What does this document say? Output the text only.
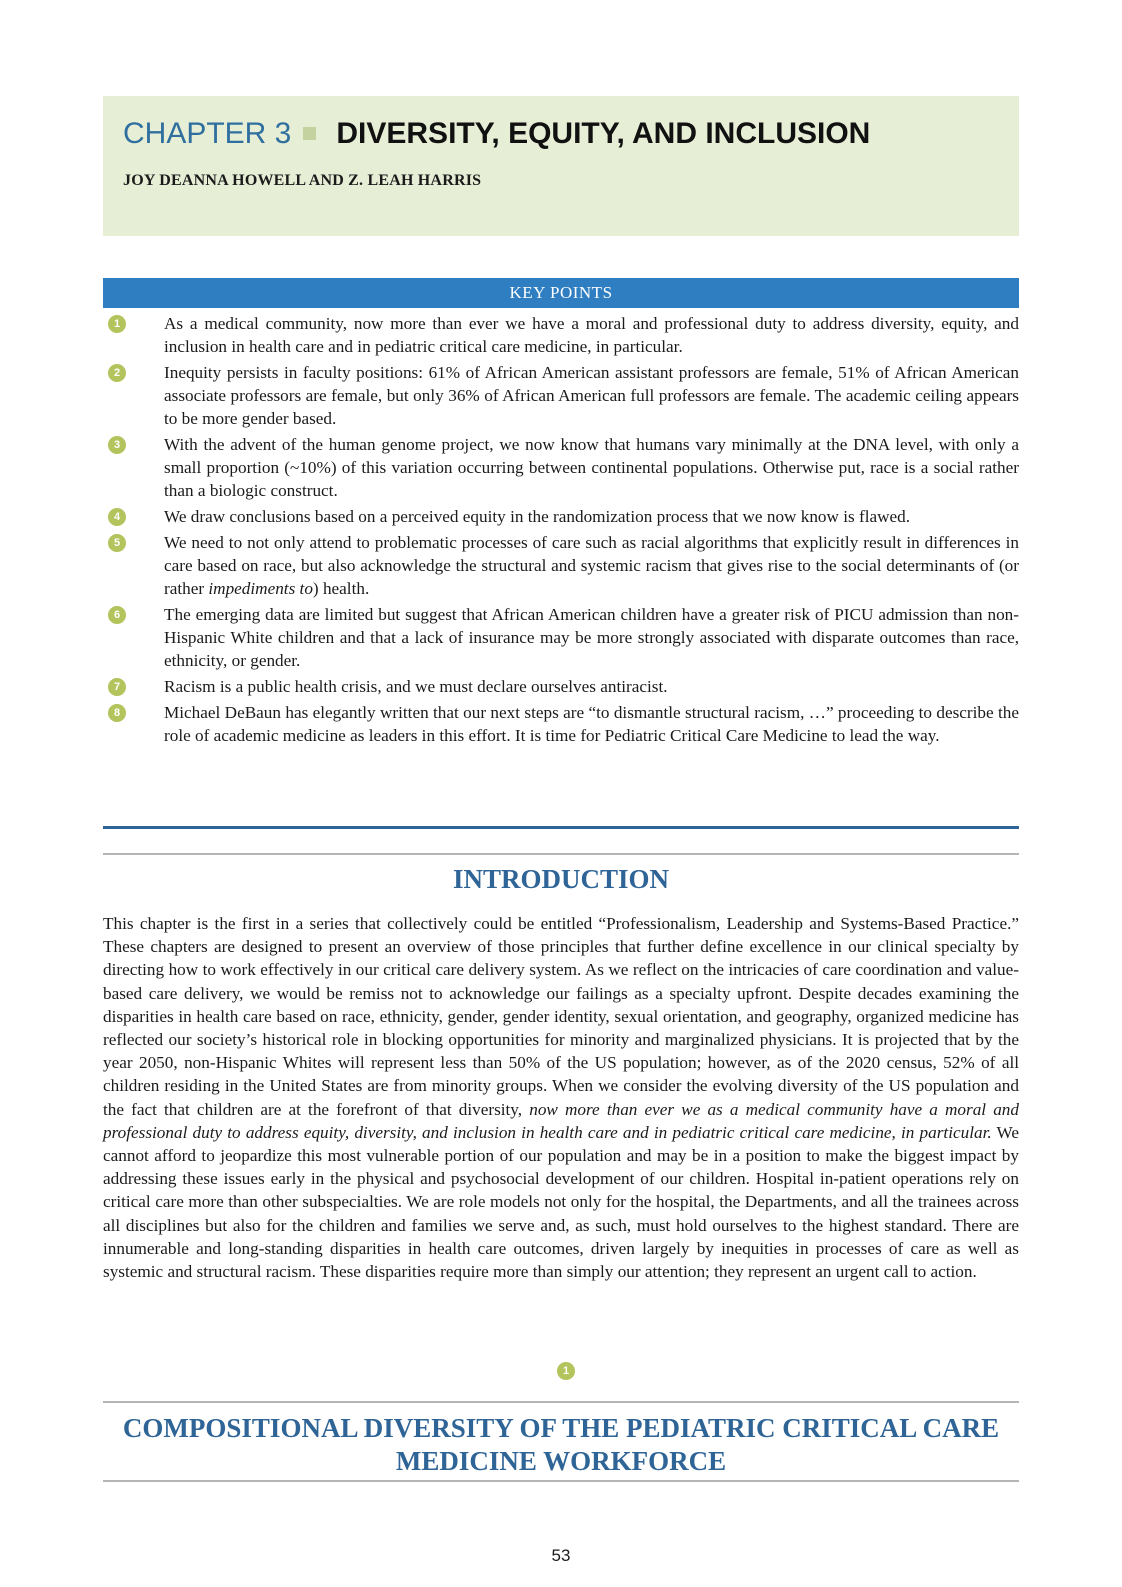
CHAPTER 3 DIVERSITY, EQUITY, AND INCLUSION
JOY DEANNA HOWELL AND Z. LEAH HARRIS
KEY POINTS
1	As a medical community, now more than ever we have a moral and professional duty to address diversity, equity, and inclusion in health care and in pediatric critical care medicine, in particular.
2	Inequity persists in faculty positions: 61% of African American assistant professors are female, 51% of African American associate professors are female, but only 36% of African American full professors are female. The academic ceiling appears to be more gender based.
3	With the advent of the human genome project, we now know that humans vary minimally at the DNA level, with only a small proportion (~10%) of this variation occurring between continental populations. Otherwise put, race is a social rather than a biologic construct.
4	We draw conclusions based on a perceived equity in the randomization process that we now know is flawed.
5	We need to not only attend to problematic processes of care such as racial algorithms that explicitly result in differences in care based on race, but also acknowledge the structural and systemic racism that gives rise to the social determinants of (or rather impediments to) health.
6	The emerging data are limited but suggest that African American children have a greater risk of PICU admission than non-Hispanic White children and that a lack of insurance may be more strongly associated with disparate outcomes than race, ethnicity, or gender.
7	Racism is a public health crisis, and we must declare ourselves antiracist.
8	Michael DeBaun has elegantly written that our next steps are “to dismantle structural racism, …” proceeding to describe the role of academic medicine as leaders in this effort. It is time for Pediatric Critical Care Medicine to lead the way.
INTRODUCTION
This chapter is the first in a series that collectively could be entitled “Professionalism, Leadership and Systems-Based Practice.” These chapters are designed to present an overview of those principles that further define excellence in our clinical specialty by directing how to work effectively in our critical care delivery system. As we reflect on the intricacies of care coordination and value-based care delivery, we would be remiss not to acknowledge our failings as a specialty upfront. Despite decades examining the disparities in health care based on race, ethnicity, gender, gender identity, sexual orientation, and geography, organized medicine has reflected our society’s historical role in blocking opportunities for minority and marginalized physicians. It is projected that by the year 2050, non-Hispanic Whites will represent less than 50% of the US population; however, as of the 2020 census, 52% of all children residing in the United States are from minority groups. When we consider the evolving diversity of the US population and the fact that children are at the forefront of that diversity, now more than ever we as a medical community have a moral and professional duty to address equity, diversity, and inclusion in health care and in pediatric critical care medicine, in particular. We cannot afford to jeopardize this most vulnerable portion of our population and may be in a position to make the biggest impact by addressing these issues early in the physical and psychosocial development of our children. Hospital in-patient operations rely on critical care more than other subspecialties. We are role models not only for the hospital, the Departments, and all the trainees across all disciplines but also for the children and families we serve and, as such, must hold ourselves to the highest standard. There are innumerable and long-standing disparities in health care outcomes, driven largely by inequities in processes of care as well as systemic and structural racism. These disparities require more than simply our attention; they represent an urgent call to action.
1
COMPOSITIONAL DIVERSITY OF THE PEDIATRIC CRITICAL CARE
MEDICINE WORKFORCE
53
